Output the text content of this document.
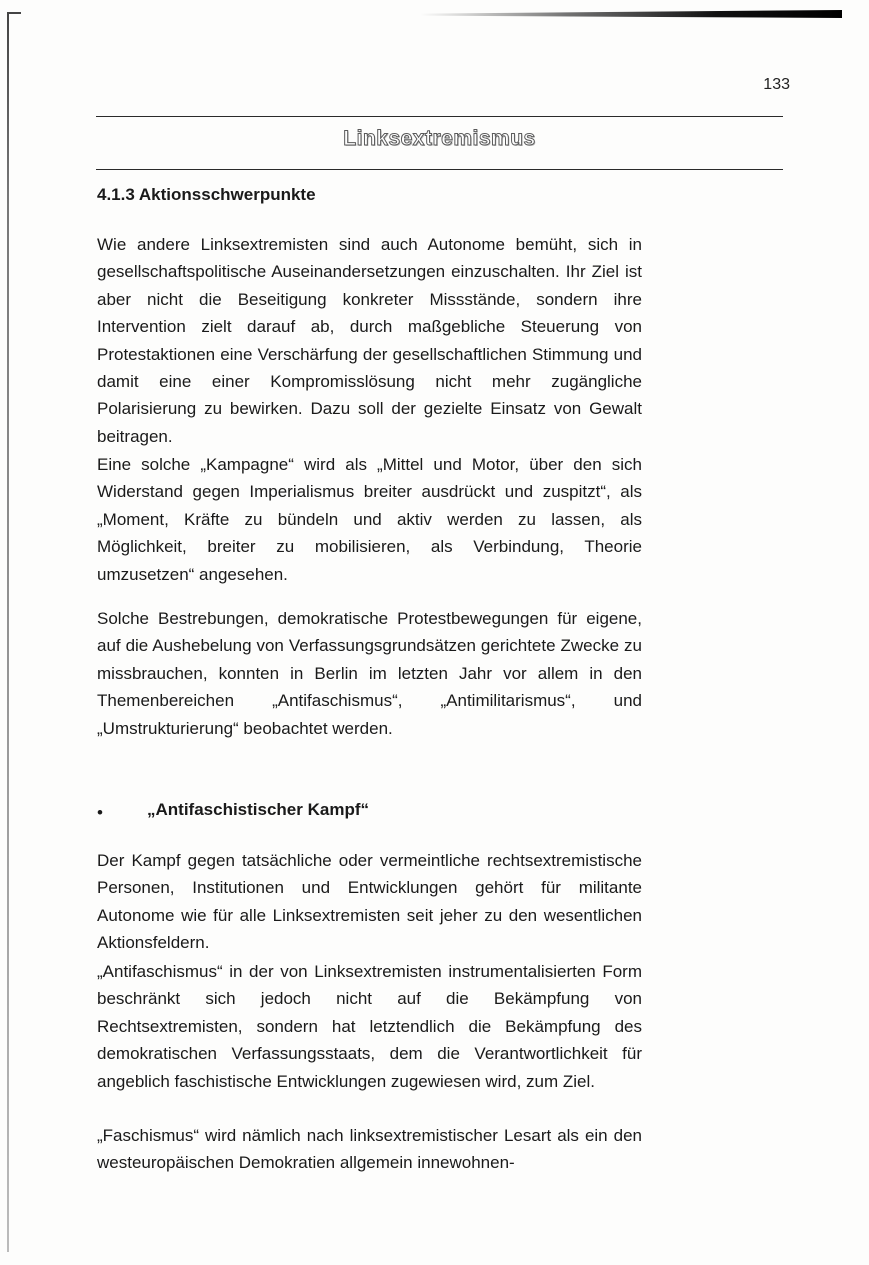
133
Linksextremismus
4.1.3 Aktionsschwerpunkte

Wie andere Linksextremisten sind auch Autonome bemüht, sich in gesellschaftspolitische Auseinandersetzungen einzuschalten. Ihr Ziel ist aber nicht die Beseitigung konkreter Missstände, sondern ihre Intervention zielt darauf ab, durch maßgebliche Steuerung von Protestaktionen eine Verschärfung der gesellschaftlichen Stimmung und damit eine einer Kompromisslösung nicht mehr zugängliche Polarisierung zu bewirken. Dazu soll der gezielte Einsatz von Gewalt beitragen.

Eine solche „Kampagne“ wird als „Mittel und Motor, über den sich Widerstand gegen Imperialismus breiter ausdrückt und zuspitzt“, als „Moment, Kräfte zu bündeln und aktiv werden zu lassen, als Möglichkeit, breiter zu mobilisieren, als Verbindung, Theorie umzusetzen“ angesehen.

Solche Bestrebungen, demokratische Protestbewegungen für eigene, auf die Aushebelung von Verfassungsgrundsätzen gerichtete Zwecke zu missbrauchen, konnten in Berlin im letzten Jahr vor allem in den Themenbereichen „Antifaschismus“, „Antimilitarismus“, und „Umstrukturierung“ beobachtet werden.

•	„Antifaschistischer Kampf“

Der Kampf gegen tatsächliche oder vermeintliche rechtsextremistische Personen, Institutionen und Entwicklungen gehört für militante Autonome wie für alle Linksextremisten seit jeher zu den wesentlichen Aktionsfeldern.

„Antifaschismus“ in der von Linksextremisten instrumentalisierten Form beschränkt sich jedoch nicht auf die Bekämpfung von Rechtsextremisten, sondern hat letztendlich die Bekämpfung des demokratischen Verfassungsstaats, dem die Verantwortlichkeit für angeblich faschistische Entwicklungen zugewiesen wird, zum Ziel.

„Faschismus“ wird nämlich nach linksextremistischer Lesart als ein den westeuropäischen Demokratien allgemein innewohnen-
